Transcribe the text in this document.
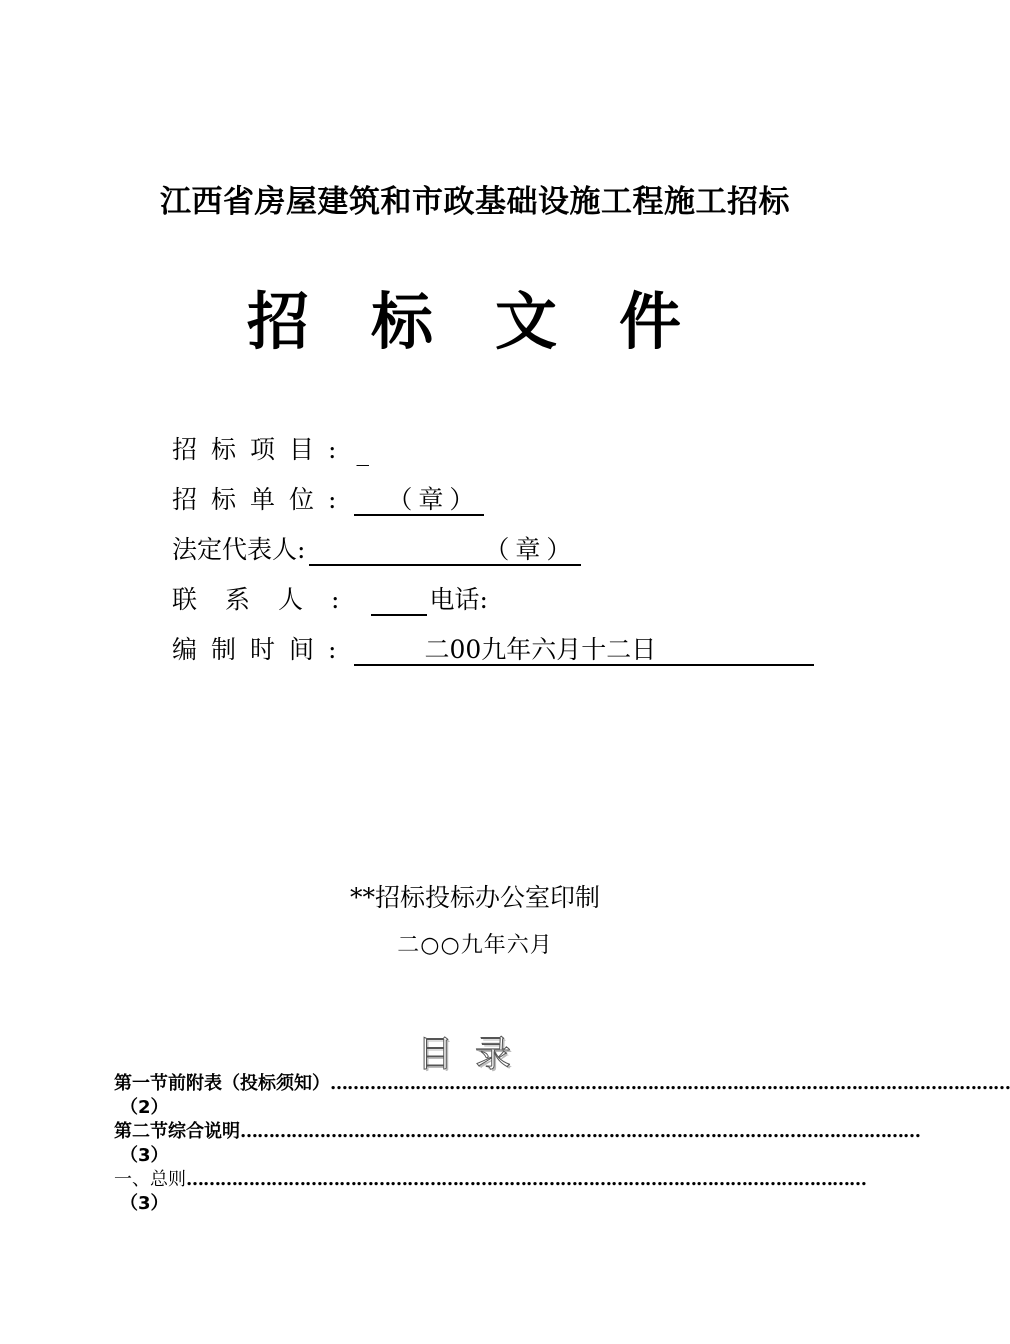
江西省房屋建筑和市政基础设施工程施工招标
招标文件
招标项目: _
招标单位:	（章）
法定代表人:	（章）
联系人:
电话:
编制时间:	二00九年六月十二日
**招标投标办公室印制
二○○九年六月
目录
第一节 前附表（投标须知） …………………………………………………………………………………………………………
（2）
第二节 综合说明 …………………………………………………………………………………………………………
（3）
一、总则 …………………………………………………………………………………………………………
（3）
